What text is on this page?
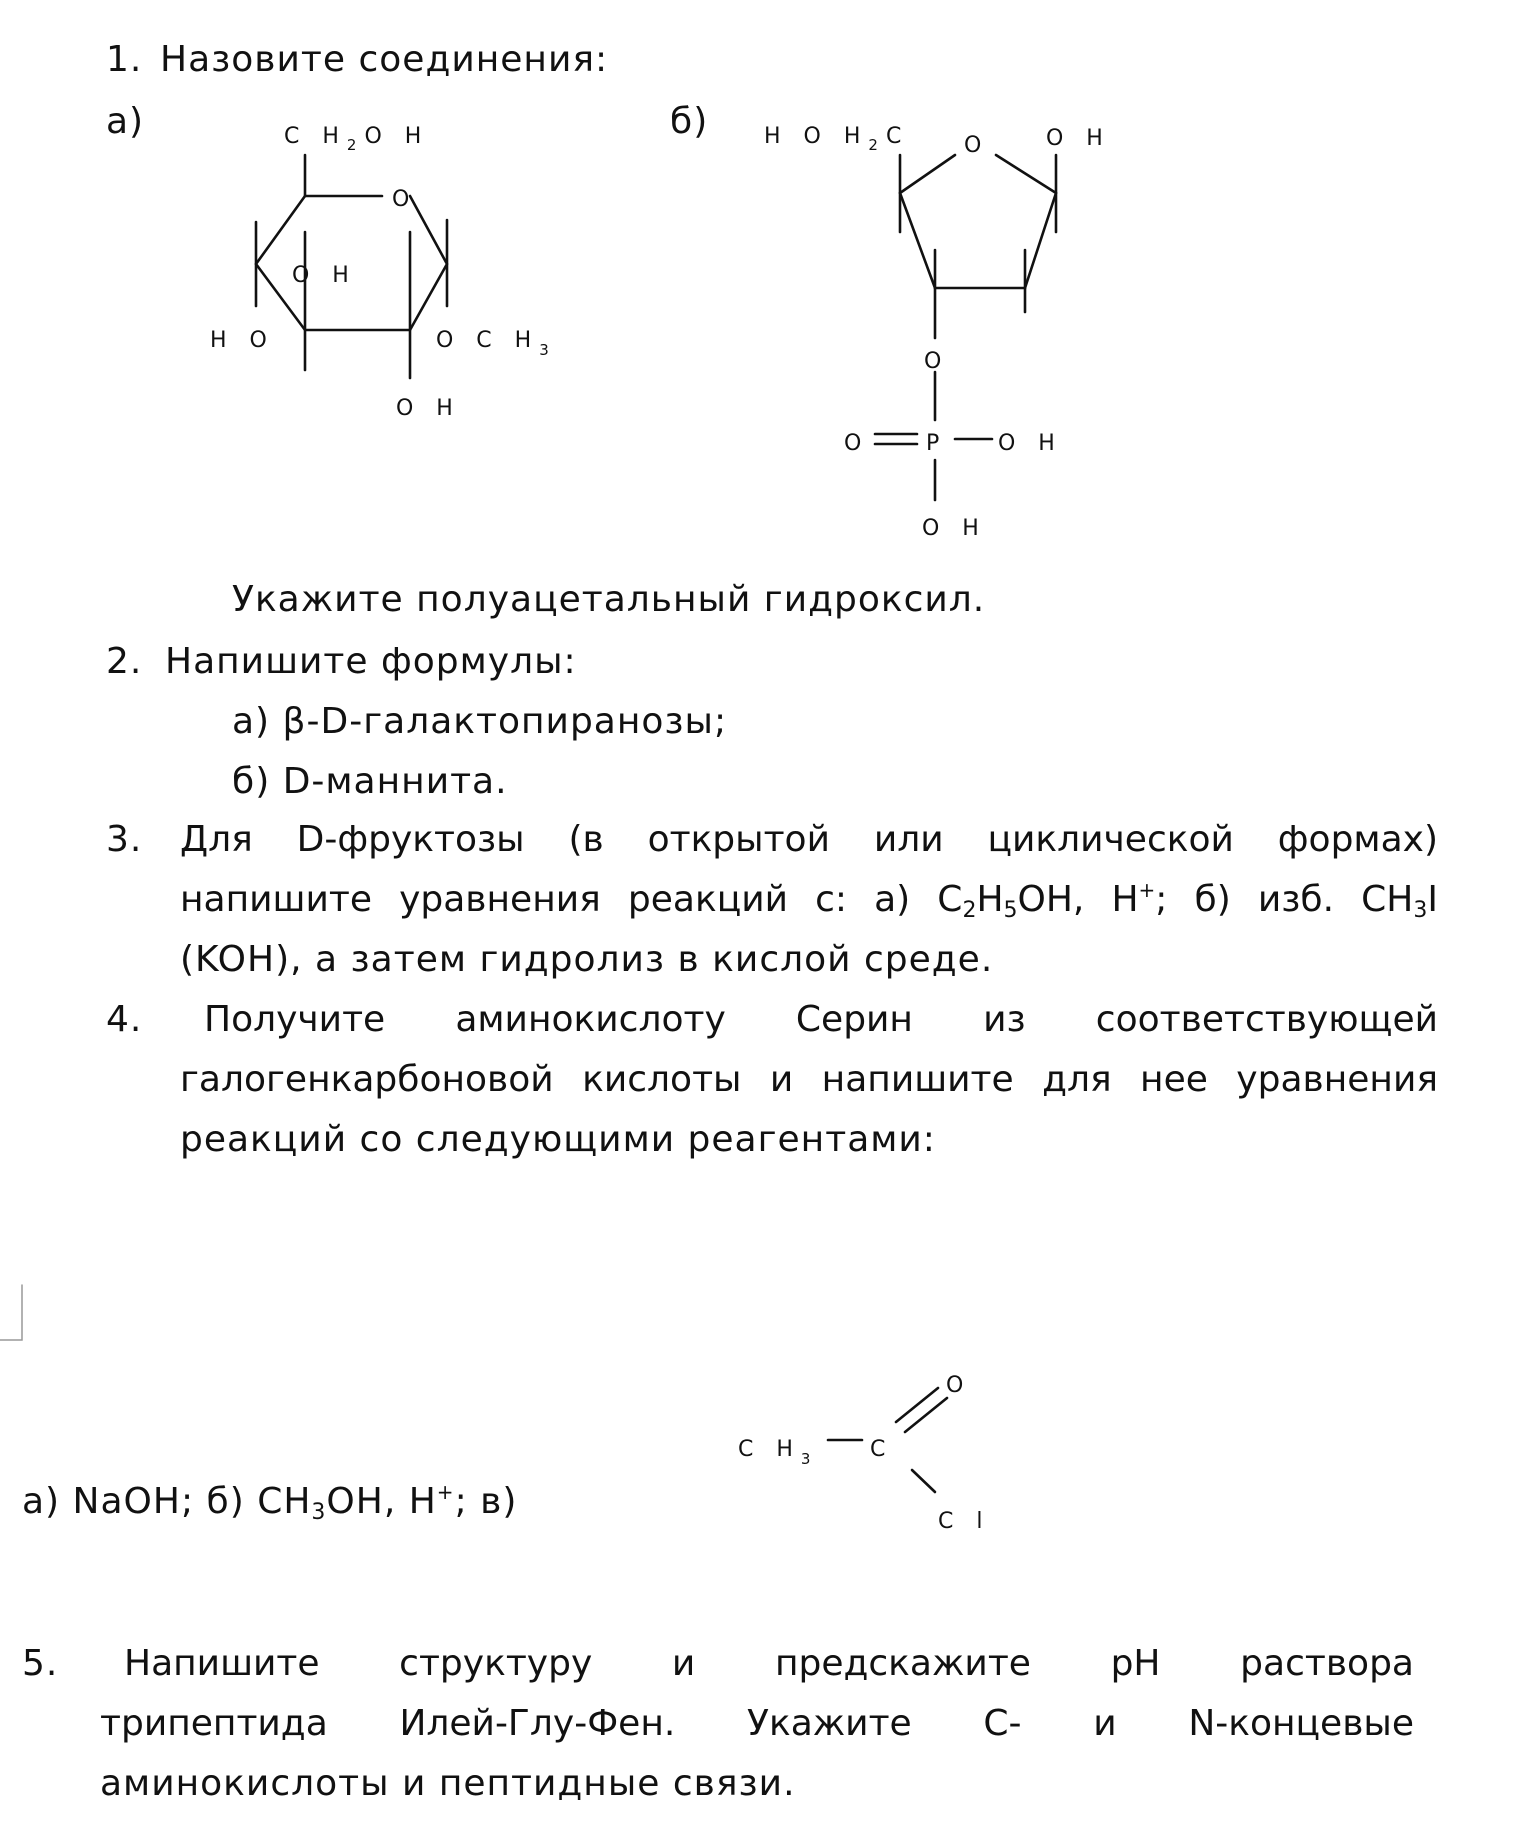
1. Назовите соединения:
а)	б)
C $H_2O$ H
O
O H
H O	O C $H_3$
O H
H O $H_2C$ O	O H
O
O	P O H
O H
C $H_3$ C
O
C l
Укажите полуацетальный гидроксил.
2. Напишите формулы:
а) β-D-галактопиранозы;
б) D-маннита.
3. Для D-фруктозы (в открытой или циклической формах)
напишите уравнения реакций с: а) $C_2H_5OH$, H+; б) изб. $CH_3I$
(KOH), а затем гидролиз в кислой среде.
4. Получите аминокислоту Серин из соответствующей
галогенкарбоновой кислоты и напишите для нее уравнения
реакций со следующими реагентами:
а) NaOH; б) $CH_3OH$, H+; в)
5. Напишите структуру и предскажите pH раствора
трипептида Илей-Глу-Фен. Укажите C- и N-концевые
аминокислоты и пептидные связи.
